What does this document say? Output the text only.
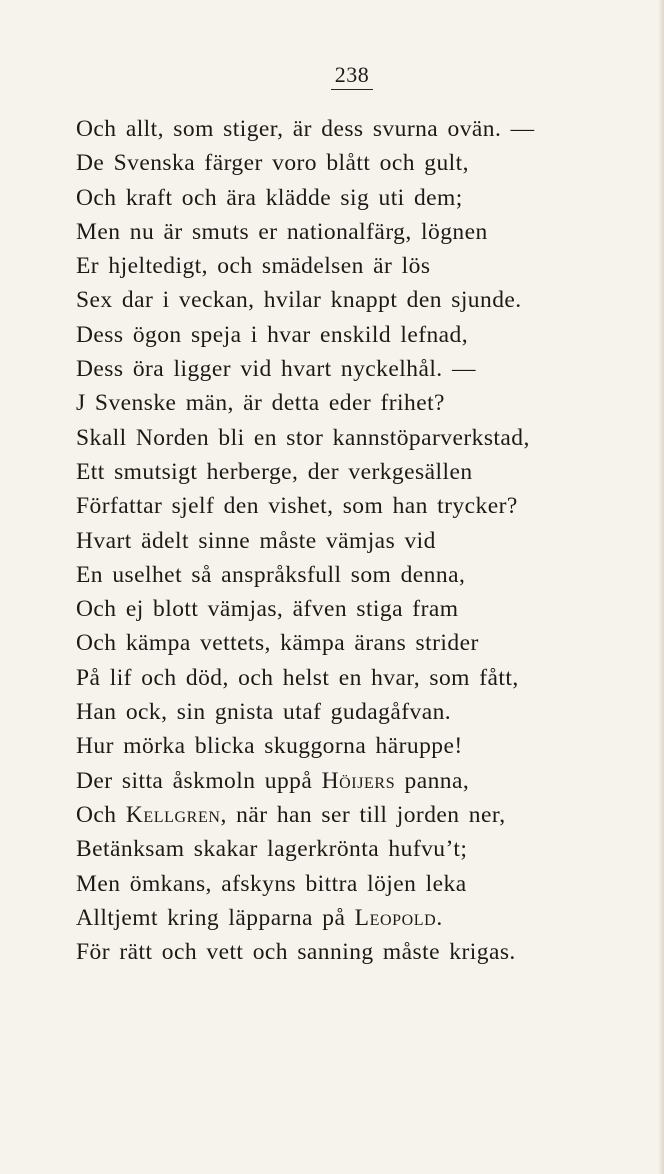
238
Och allt, som stiger, är dess svurna ovän. —
De Svenska färger voro blått och gult,
Och kraft och ära klädde sig uti dem;
Men nu är smuts er nationalfärg, lögnen
Er hjeltedigt, och smädelsen är lös
Sex dar i veckan, hvilar knappt den sjunde.
Dess ögon speja i hvar enskild lefnad,
Dess öra ligger vid hvart nyckelhål. —
J Svenske män, är detta eder frihet?
Skall Norden bli en stor kannstöparverkstad,
Ett smutsigt herberge, der verkgesällen
Författar sjelf den vishet, som han trycker?
Hvart ädelt sinne måste vämjas vid
En uselhet så anspråksfull som denna,
Och ej blott vämjas, äfven stiga fram
Och kämpa vettets, kämpa ärans strider
På lif och död, och helst en hvar, som fått,
Han ock, sin gnista utaf gudagåfvan.
Hur mörka blicka skuggorna häruppe!
Der sitta åskmoln uppå Höijers panna,
Och Kellgren, när han ser till jorden ner,
Betänksam skakar lagerkrönta hufvu’t;
Men ömkans, afskyns bittra löjen leka
Alltjemt kring läpparna på Leopold.
För rätt och vett och sanning måste krigas.
